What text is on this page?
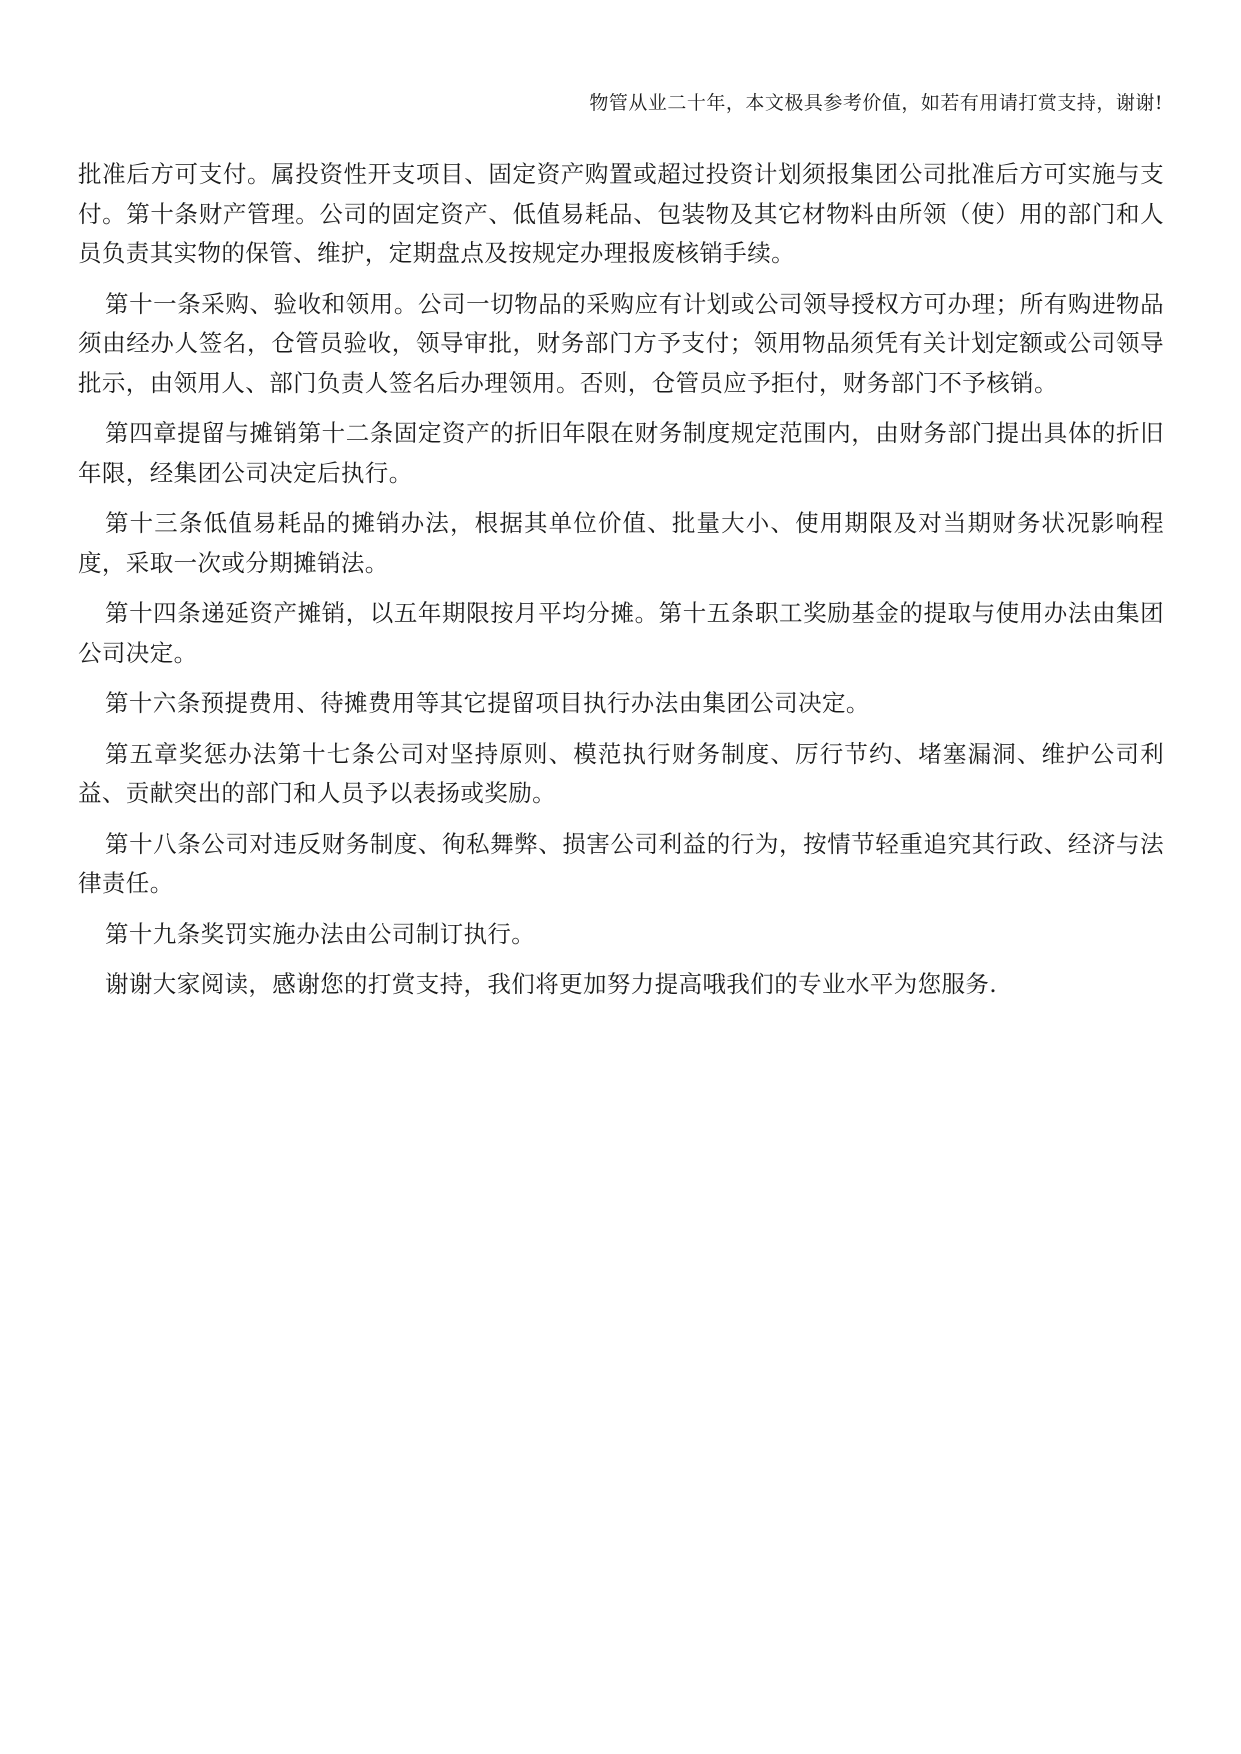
物管从业二十年，本文极具参考价值，如若有用请打赏支持，谢谢!

批准后方可支付。属投资性开支项目、固定资产购置或超过投资计划须报集团公司批准后方可实施与支付。第十条财产管理。公司的固定资产、低值易耗品、包装物及其它材物料由所领（使）用的部门和人员负责其实物的保管、维护，定期盘点及按规定办理报废核销手续。

第十一条采购、验收和领用。公司一切物品的采购应有计划或公司领导授权方可办理；所有购进物品须由经办人签名，仓管员验收，领导审批，财务部门方予支付；领用物品须凭有关计划定额或公司领导批示，由领用人、部门负责人签名后办理领用。否则，仓管员应予拒付，财务部门不予核销。

第四章提留与摊销第十二条固定资产的折旧年限在财务制度规定范围内，由财务部门提出具体的折旧年限，经集团公司决定后执行。

第十三条低值易耗品的摊销办法，根据其单位价值、批量大小、使用期限及对当期财务状况影响程度，采取一次或分期摊销法。

第十四条递延资产摊销，以五年期限按月平均分摊。第十五条职工奖励基金的提取与使用办法由集团公司决定。

第十六条预提费用、待摊费用等其它提留项目执行办法由集团公司决定。

第五章奖惩办法第十七条公司对坚持原则、模范执行财务制度、厉行节约、堵塞漏洞、维护公司利益、贡献突出的部门和人员予以表扬或奖励。

第十八条公司对违反财务制度、徇私舞弊、损害公司利益的行为，按情节轻重追究其行政、经济与法律责任。

第十九条奖罚实施办法由公司制订执行。

谢谢大家阅读，感谢您的打赏支持，我们将更加努力提高哦我们的专业水平为您服务.
